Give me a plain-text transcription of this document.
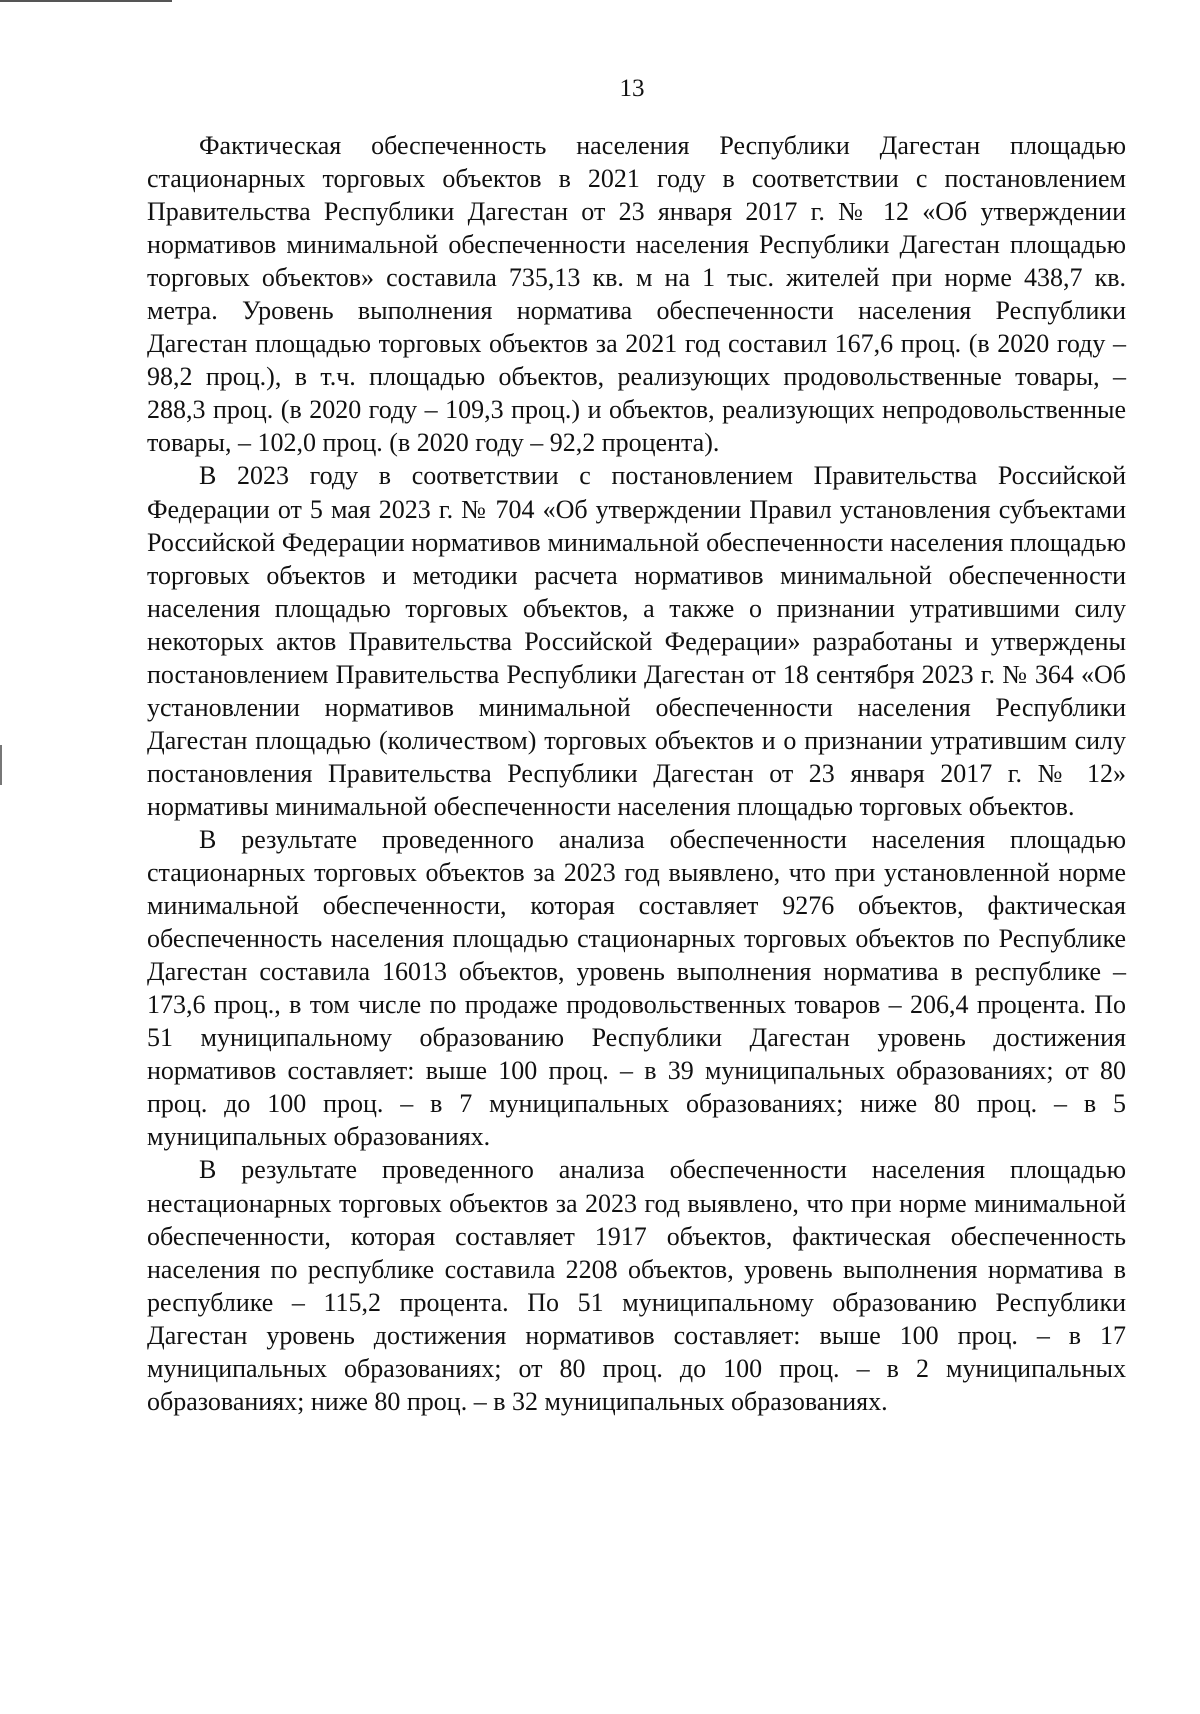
13

Фактическая обеспеченность населения Республики Дагестан площадью стационарных торговых объектов в 2021 году в соответствии с постановлением Правительства Республики Дагестан от 23 января 2017 г. № 12 «Об утверждении нормативов минимальной обеспеченности населения Республики Дагестан площадью торговых объектов» составила 735,13 кв. м на 1 тыс. жителей при норме 438,7 кв. метра. Уровень выполнения норматива обеспеченности населения Республики Дагестан площадью торговых объектов за 2021 год составил 167,6 проц. (в 2020 году – 98,2 проц.), в т.ч. площадью объектов, реализующих продовольственные товары, – 288,3 проц. (в 2020 году – 109,3 проц.) и объектов, реализующих непродовольственные товары, – 102,0 проц. (в 2020 году – 92,2 процента).

В 2023 году в соответствии с постановлением Правительства Российской Федерации от 5 мая 2023 г. № 704 «Об утверждении Правил установления субъектами Российской Федерации нормативов минимальной обеспеченности населения площадью торговых объектов и методики расчета нормативов минимальной обеспеченности населения площадью торговых объектов, а также о признании утратившими силу некоторых актов Правительства Российской Федерации» разработаны и утверждены постановлением Правительства Республики Дагестан от 18 сентября 2023 г. № 364 «Об установлении нормативов минимальной обеспеченности населения Республики Дагестан площадью (количеством) торговых объектов и о признании утратившим силу постановления Правительства Республики Дагестан от 23 января 2017 г. № 12» нормативы минимальной обеспеченности населения площадью торговых объектов.

В результате проведенного анализа обеспеченности населения площадью стационарных торговых объектов за 2023 год выявлено, что при установленной норме минимальной обеспеченности, которая составляет 9276 объектов, фактическая обеспеченность населения площадью стационарных торговых объектов по Республике Дагестан составила 16013 объектов, уровень выполнения норматива в республике – 173,6 проц., в том числе по продаже продовольственных товаров – 206,4 процента. По 51 муниципальному образованию Республики Дагестан уровень достижения нормативов составляет: выше 100 проц. – в 39 муниципальных образованиях; от 80 проц. до 100 проц. – в 7 муниципальных образованиях; ниже 80 проц. – в 5 муниципальных образованиях.

В результате проведенного анализа обеспеченности населения площадью нестационарных торговых объектов за 2023 год выявлено, что при норме минимальной обеспеченности, которая составляет 1917 объектов, фактическая обеспеченность населения по республике составила 2208 объектов, уровень выполнения норматива в республике – 115,2 процента. По 51 муниципальному образованию Республики Дагестан уровень достижения нормативов составляет: выше 100 проц. – в 17 муниципальных образованиях; от 80 проц. до 100 проц. – в 2 муниципальных образованиях; ниже 80 проц. – в 32 муниципальных образованиях.
